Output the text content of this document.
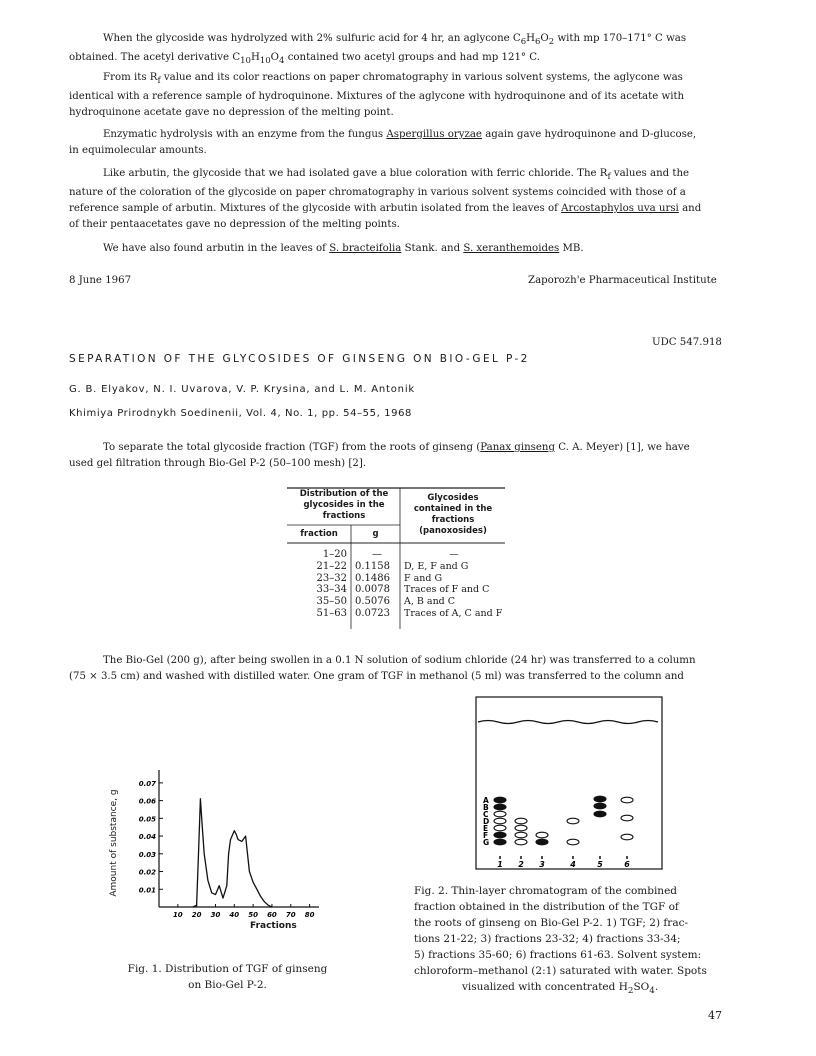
When the glycoside was hydrolyzed with 2% sulfuric acid for 4 hr, an aglycone $C_6H_6O_2$ with mp 170–171° C was
obtained. The acetyl derivative $C_{10}H_{10}O_4$ contained two acetyl groups and had mp 121° C.
From its $R_f$ value and its color reactions on paper chromatography in various solvent systems, the aglycone was
identical with a reference sample of hydroquinone. Mixtures of the aglycone with hydroquinone and of its acetate with
hydroquinone acetate gave no depression of the melting point.
Enzymatic hydrolysis with an enzyme from the fungus Aspergillus oryzae again gave hydroquinone and D-glucose,
in equimolecular amounts.
Like arbutin, the glycoside that we had isolated gave a blue coloration with ferric chloride. The $R_f$ values and the
nature of the coloration of the glycoside on paper chromatography in various solvent systems coincided with those of a
reference sample of arbutin. Mixtures of the glycoside with arbutin isolated from the leaves of Arcostaphylos uva ursi and
of their pentaacetates gave no depression of the melting points.
We have also found arbutin in the leaves of S. bracteifolia Stank. and S. xeranthemoides MB.
8 June 1967	Zaporozh'e Pharmaceutical Institute
UDC 547.918
SEPARATION OF THE GLYCOSIDES OF GINSENG ON BIO-GEL P-2
G. B. Elyakov, N. I. Uvarova, V. P. Krysina, and L. M. Antonik
Khimiya Prirodnykh Soedinenii, Vol. 4, No. 1, pp. 54–55, 1968
To separate the total glycoside fraction (TGF) from the roots of ginseng (Panax ginseng C. A. Meyer) [1], we have
used gel filtration through Bio-Gel P-2 (50–100 mesh) [2].
Distribution of the glycosides in the fractions
Glycosides contained in the fractions (panoxosides)
fraction	g
1–20	—	—
21–22 0.1158	D, E, F and G
23–32 0.1486	F and G
33–34 0.0078	Traces of F and C
35–50 0.5076	A, B and C
51–63 0.0723	Traces of A, C and F
The Bio-Gel (200 g), after being swollen in a 0.1 N solution of sodium chloride (24 hr) was transferred to a column
(75 × 3.5 cm) and washed with distilled water. One gram of TGF in methanol (5 ml) was transferred to the column and
0.01
0.02
0.03
0.04
0.05
0.06
0.07
10 20 30 40 50 60 70 80
Amount of substance, g
Fractions
Fig. 1. Distribution of TGF of ginseng on Bio-Gel P-2.
A
B
C
D
E
F
G
1 2 3	4	5	6
Fig. 2. Thin-layer chromatogram of the combined
fraction obtained in the distribution of the TGF of
the roots of ginseng on Bio-Gel P-2. 1) TGF; 2) frac-
tions 21-22; 3) fractions 23-32; 4) fractions 33-34;
5) fractions 35-60; 6) fractions 61-63. Solvent system:
chloroform–methanol (2:1) saturated with water. Spots
visualized with concentrated $H_2SO_4$.
47
